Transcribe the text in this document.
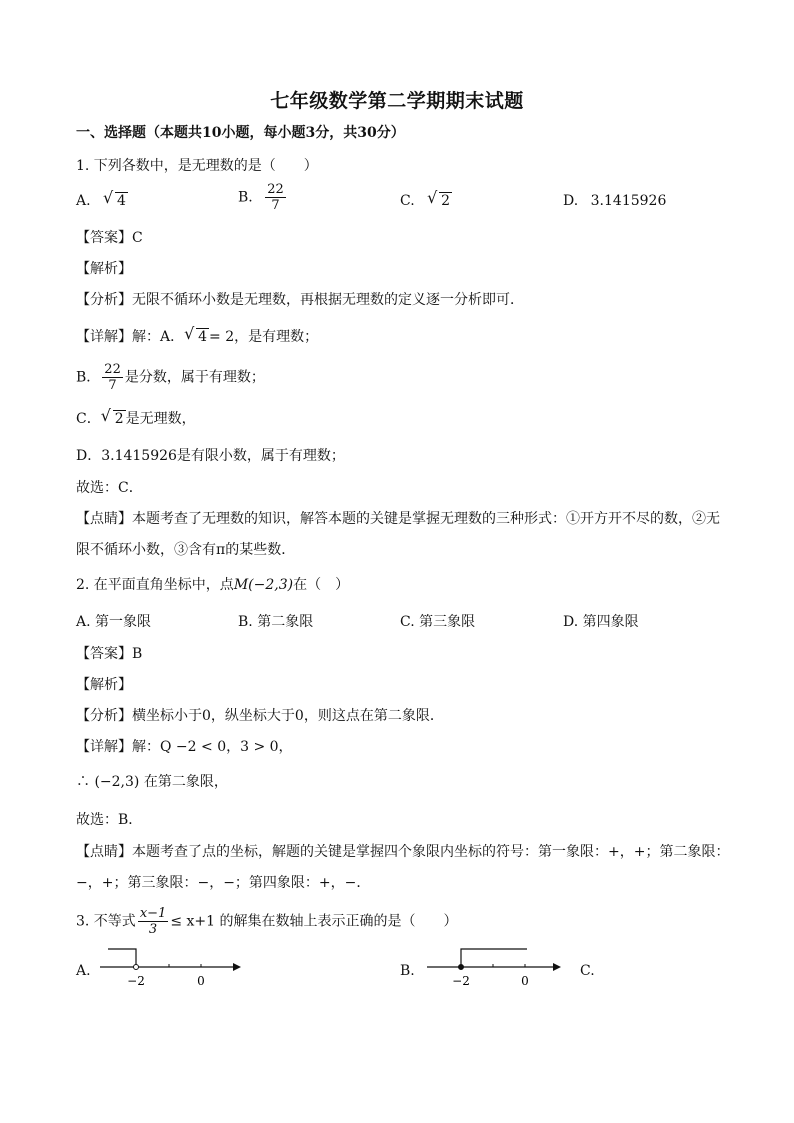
七年级数学第二学期期末试题
一、选择题（本题共10小题，每小题3分，共30分）
1. 下列各数中，是无理数的是（　　）
A. √ 4	B. $\frac{22}{7}$	C. √ 2	D. 3.1415926
【答案】C
【解析】
【分析】无限不循环小数是无理数，再根据无理数的定义逐一分析即可．
【详解】解：A． √ 4 = 2，是有理数；
B． $\frac{22}{7}$ 是分数，属于有理数；
C． √ 2 是无理数，
D．3.1415926是有限小数，属于有理数；
故选：C．
【点睛】本题考查了无理数的知识，解答本题的关键是掌握无理数的三种形式：①开方开不尽的数，②无
限不循环小数，③含有π的某些数．
2. 在平面直角坐标中，点M(−2,3)在（　）
A. 第一象限	B. 第二象限	C. 第三象限	D. 第四象限
【答案】B
【解析】
【分析】横坐标小于0，纵坐标大于0，则这点在第二象限．
【详解】解：Q −2 < 0，3 > 0，
∴ (−2,3) 在第二象限，
故选：B．
【点睛】本题考查了点的坐标，解题的关键是掌握四个象限内坐标的符号：第一象限：+，+；第二象限：
−，+；第三象限：−，−；第四象限：+，−．
3. 不等式 $\frac{x-1}{3} \le x+1$ 的解集在数轴上表示正确的是（　　）
A.
−2	0
B.
−2	0
C.
